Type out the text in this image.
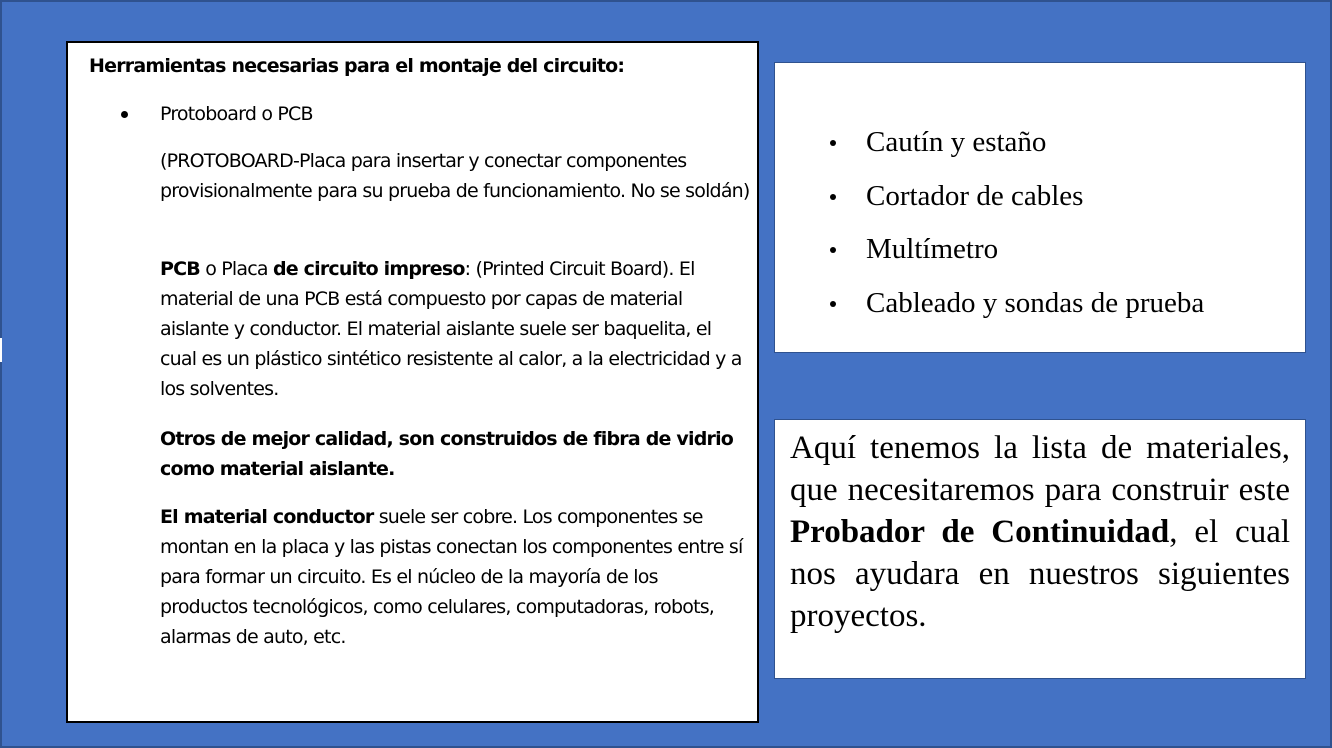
Herramientas necesarias para el montaje del circuito:

Protoboard o PCB

(PROTOBOARD-Placa para insertar y conectar componentes provisionalmente para su prueba de funcionamiento. No se soldán)

PCB o Placa de circuito impreso: (Printed Circuit Board). El material de una PCB está compuesto por capas de material aislante y conductor. El material aislante suele ser baquelita, el cual es un plástico sintético resistente al calor, a la electricidad y a los solventes.

Otros de mejor calidad, son construidos de fibra de vidrio como material aislante.

El material conductor suele ser cobre. Los componentes se montan en la placa y las pistas conectan los componentes entre sí para formar un circuito. Es el núcleo de la mayoría de los productos tecnológicos, como celulares, computadoras, robots, alarmas de auto, etc.

Cautín y estaño
Cortador de cables
Multímetro
Cableado y sondas de prueba

Aquí tenemos la lista de materiales, que necesitaremos para construir este Probador de Continuidad, el cual nos ayudara en nuestros siguientes proyectos.
